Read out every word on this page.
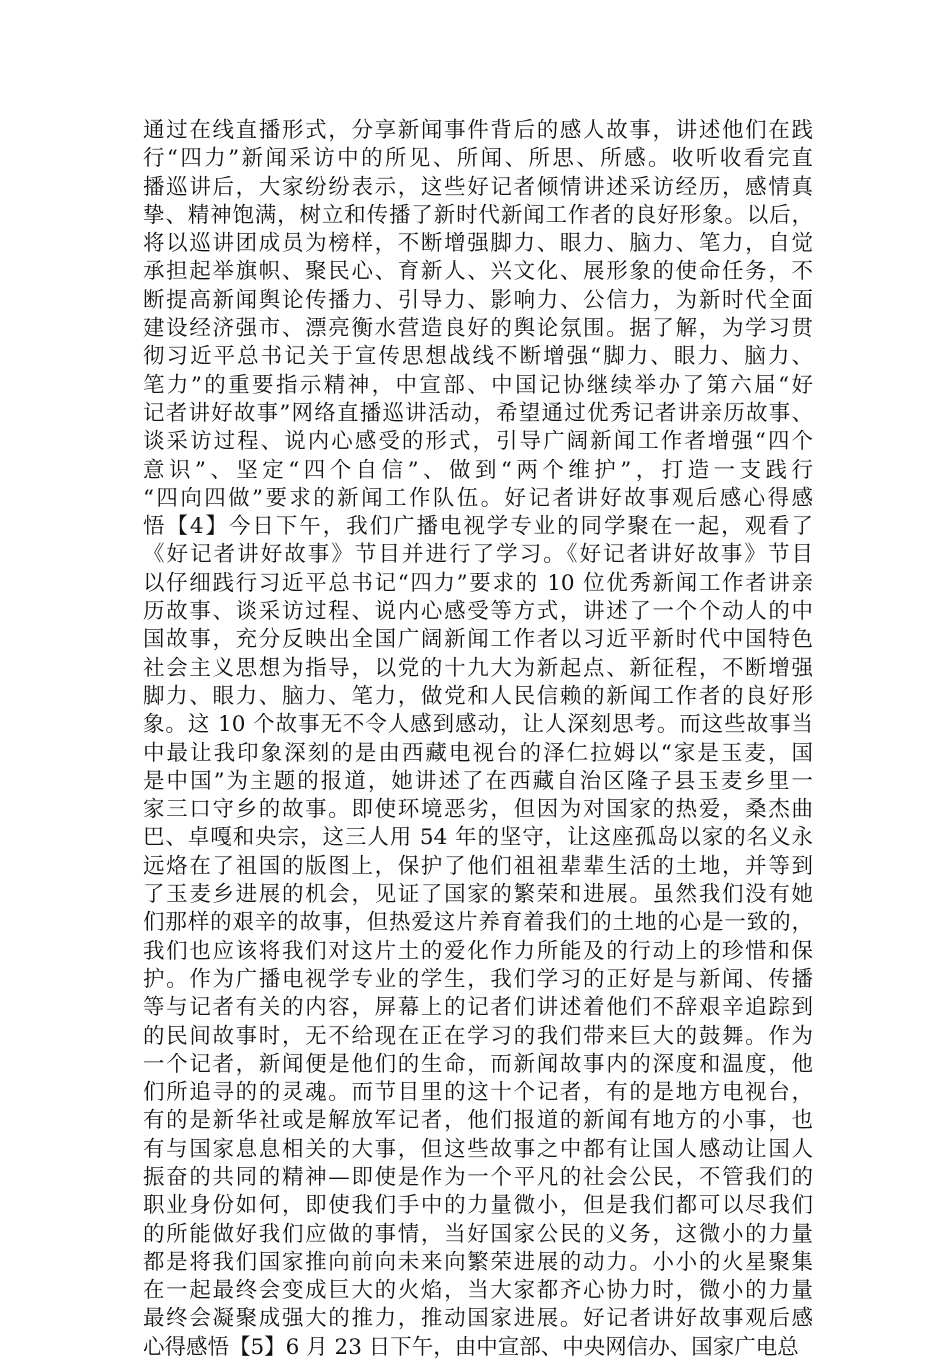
通过在线直播形式，分享新闻事件背后的感人故事，讲述他们在践
行“四力”新闻采访中的所见、所闻、所思、所感。收听收看完直
播巡讲后，大家纷纷表示，这些好记者倾情讲述采访经历，感情真
挚、精神饱满，树立和传播了新时代新闻工作者的良好形象。以后，
将以巡讲团成员为榜样，不断增强脚力、眼力、脑力、笔力，自觉
承担起举旗帜、聚民心、育新人、兴文化、展形象的使命任务，不
断提高新闻舆论传播力、引导力、影响力、公信力，为新时代全面
建设经济强市、漂亮衡水营造良好的舆论氛围。据了解，为学习贯
彻习近平总书记关于宣传思想战线不断增强“脚力、眼力、脑力、
笔力”的重要指示精神，中宣部、中国记协继续举办了第六届“好
记者讲好故事”网络直播巡讲活动，希望通过优秀记者讲亲历故事、
谈采访过程、说内心感受的形式，引导广阔新闻工作者增强“四个
意识”、坚定“四个自信”、做到“两个维护”，打造一支践行
“四向四做”要求的新闻工作队伍。好记者讲好故事观后感心得感
悟【4】今日下午，我们广播电视学专业的同学聚在一起，观看了
《好记者讲好故事》节目并进行了学习。《好记者讲好故事》节目
以仔细践行习近平总书记“四力”要求的 10 位优秀新闻工作者讲亲
历故事、谈采访过程、说内心感受等方式，讲述了一个个动人的中
国故事，充分反映出全国广阔新闻工作者以习近平新时代中国特色
社会主义思想为指导，以党的十九大为新起点、新征程，不断增强
脚力、眼力、脑力、笔力，做党和人民信赖的新闻工作者的良好形
象。这 10 个故事无不令人感到感动，让人深刻思考。而这些故事当
中最让我印象深刻的是由西藏电视台的泽仁拉姆以“家是玉麦，国
是中国”为主题的报道，她讲述了在西藏自治区隆子县玉麦乡里一
家三口守乡的故事。即使环境恶劣，但因为对国家的热爱，桑杰曲
巴、卓嘎和央宗，这三人用 54 年的坚守，让这座孤岛以家的名义永
远烙在了祖国的版图上，保护了他们祖祖辈辈生活的土地，并等到
了玉麦乡进展的机会，见证了国家的繁荣和进展。虽然我们没有她
们那样的艰辛的故事，但热爱这片养育着我们的土地的心是一致的，
我们也应该将我们对这片土的爱化作力所能及的行动上的珍惜和保
护。作为广播电视学专业的学生，我们学习的正好是与新闻、传播
等与记者有关的内容，屏幕上的记者们讲述着他们不辞艰辛追踪到
的民间故事时，无不给现在正在学习的我们带来巨大的鼓舞。作为
一个记者，新闻便是他们的生命，而新闻故事内的深度和温度，他
们所追寻的的灵魂。而节目里的这十个记者，有的是地方电视台，
有的是新华社或是解放军记者，他们报道的新闻有地方的小事，也
有与国家息息相关的大事，但这些故事之中都有让国人感动让国人
振奋的共同的精神—即使是作为一个平凡的社会公民，不管我们的
职业身份如何，即使我们手中的力量微小，但是我们都可以尽我们
的所能做好我们应做的事情，当好国家公民的义务，这微小的力量
都是将我们国家推向前向未来向繁荣进展的动力。小小的火星聚集
在一起最终会变成巨大的火焰，当大家都齐心协力时，微小的力量
最终会凝聚成强大的推力，推动国家进展。好记者讲好故事观后感
心得感悟【5】6 月 23 日下午，由中宣部、中央网信办、国家广电总
